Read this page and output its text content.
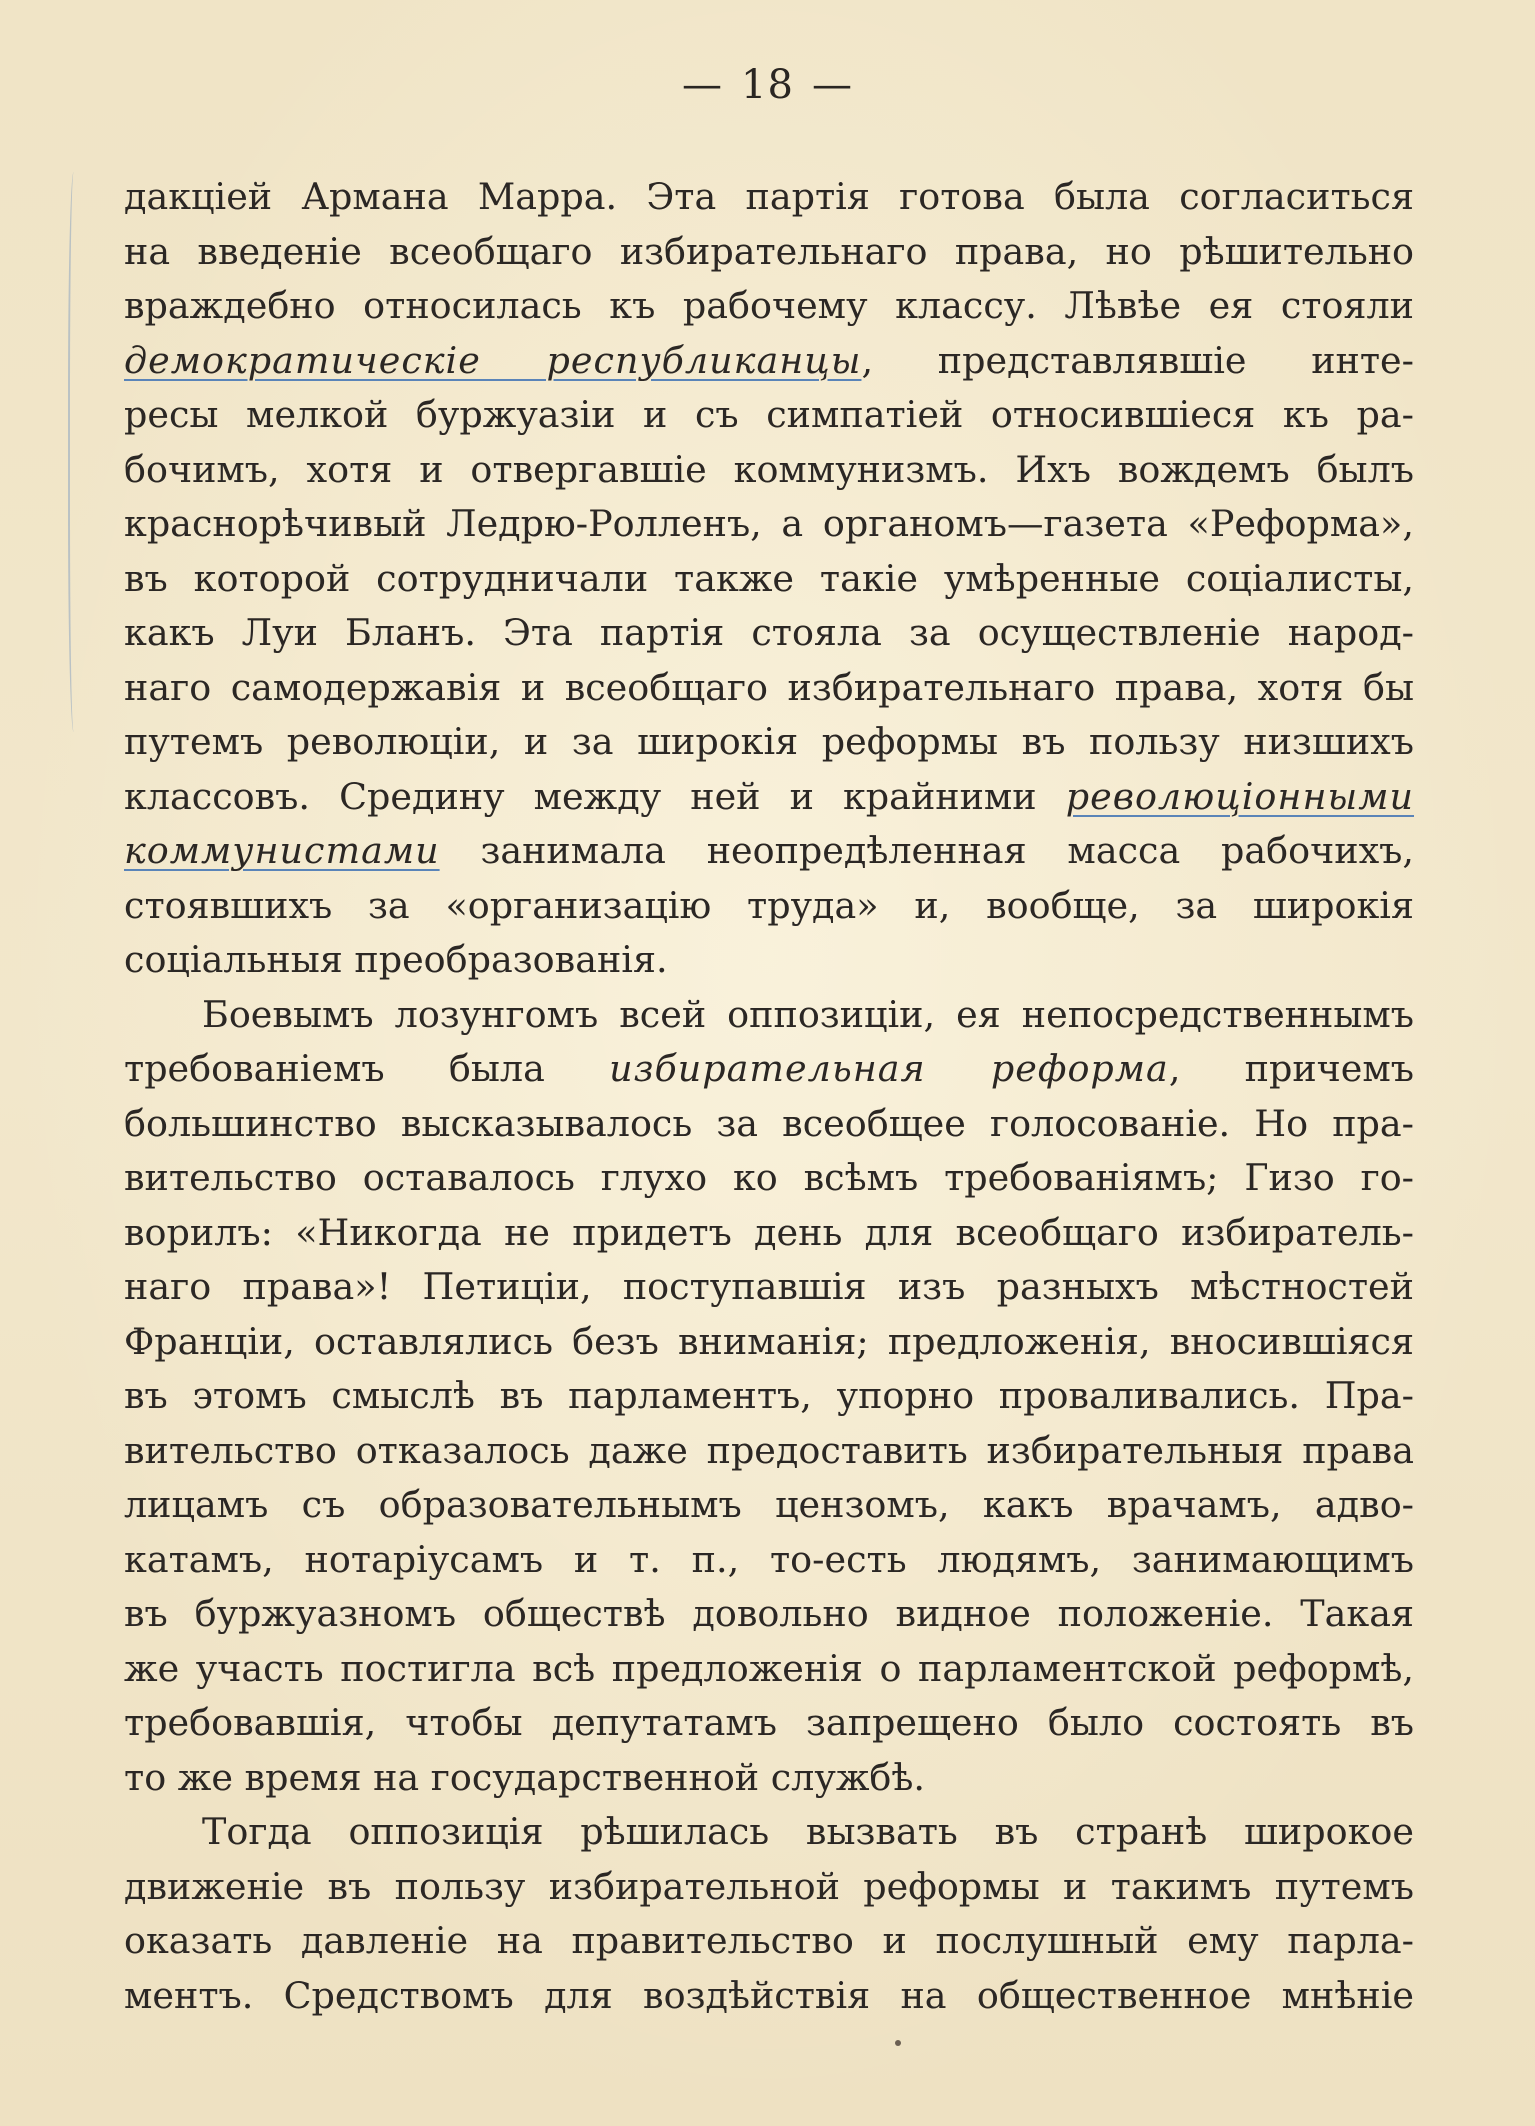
— 18 —
дакціей Армана Марра. Эта партія готова была согласиться
на введеніе всеобщаго избирательнаго права, но рѣшительно
враждебно относилась къ рабочему классу. Лѣвѣе ея стояли
демократическіе республиканцы, представлявшіе инте-
ресы мелкой буржуазіи и съ симпатіей относившіеся къ ра-
бочимъ, хотя и отвергавшіе коммунизмъ. Ихъ вождемъ былъ
краснорѣчивый Ледрю-Ролленъ, а органомъ—газета «Реформа»,
въ которой сотрудничали также такіе умѣренные соціалисты,
какъ Луи Бланъ. Эта партія стояла за осуществленіе народ-
наго самодержавія и всеобщаго избирательнаго права, хотя бы
путемъ революціи, и за широкія реформы въ пользу низшихъ
классовъ. Средину между ней и крайними революціонными
коммунистами занимала неопредѣленная масса рабочихъ,
стоявшихъ за «организацію труда» и, вообще, за широкія
соціальныя преобразованія.
Боевымъ лозунгомъ всей оппозиціи, ея непосредственнымъ
требованіемъ была избирательная реформа, причемъ
большинство высказывалось за всеобщее голосованіе. Но пра-
вительство оставалось глухо ко всѣмъ требованіямъ; Гизо го-
ворилъ: «Никогда не придетъ день для всеобщаго избиратель-
наго права»! Петиціи, поступавшія изъ разныхъ мѣстностей
Франціи, оставлялись безъ вниманія; предложенія, вносившіяся
въ этомъ смыслѣ въ парламентъ, упорно проваливались. Пра-
вительство отказалось даже предоставить избирательныя права
лицамъ съ образовательнымъ цензомъ, какъ врачамъ, адво-
катамъ, нотаріусамъ и т. п., то-есть людямъ, занимающимъ
въ буржуазномъ обществѣ довольно видное положеніе. Такая
же участь постигла всѣ предложенія о парламентской реформѣ,
требовавшія, чтобы депутатамъ запрещено было состоять въ
то же время на государственной службѣ.
Тогда оппозиція рѣшилась вызвать въ странѣ широкое
движеніе въ пользу избирательной реформы и такимъ путемъ
оказать давленіе на правительство и послушный ему парла-
ментъ. Средствомъ для воздѣйствія на общественное мнѣніе
